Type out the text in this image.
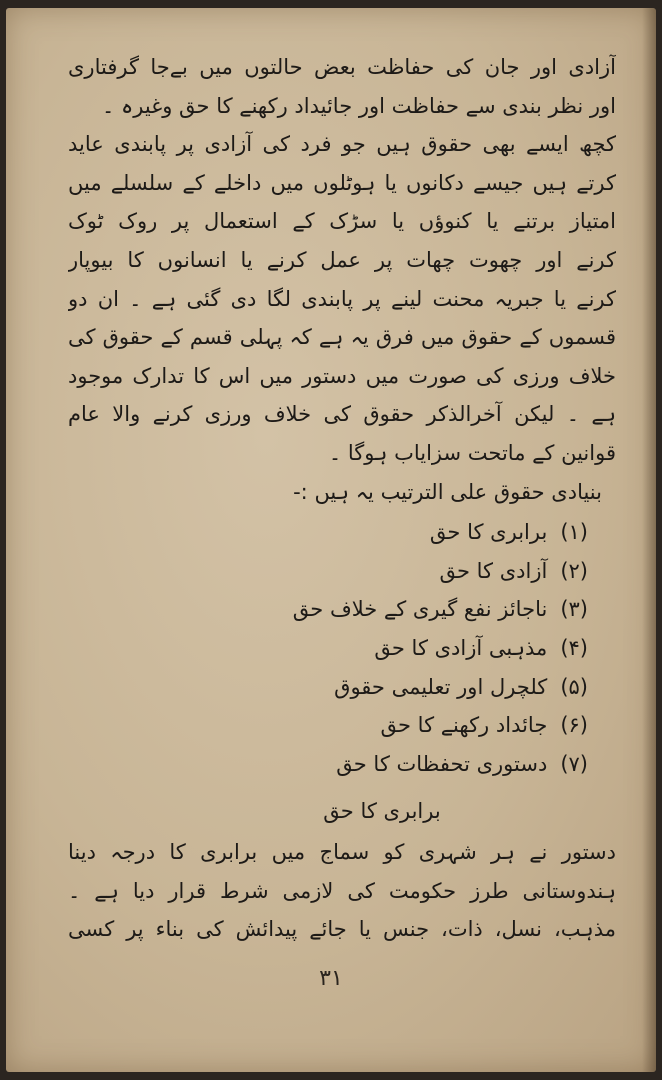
آزادی اور جان کی حفاظت بعض حالتوں میں بےجا گرفتاری
اور نظر بندی سے حفاظت اور جائیداد رکھنے کا حق وغیرہ ۔
کچھ ایسے بھی حقوق ہیں جو فرد کی آزادی پر پابندی عاید
کرتے ہیں جیسے دکانوں یا ہوٹلوں میں داخلے کے سلسلے میں
امتیاز برتنے یا کنوؤں یا سڑک کے استعمال پر روک ٹوک
کرنے اور چھوت چھات پر عمل کرنے یا انسانوں کا بیوپار
کرنے یا جبریہ محنت لینے پر پابندی لگا دی گئی ہے ۔ ان دو
قسموں کے حقوق میں فرق یہ ہے کہ پہلی قسم کے حقوق کی
خلاف ورزی کی صورت میں دستور میں اس کا تدارک موجود
ہے ۔ لیکن آخرالذکر حقوق کی خلاف ورزی کرنے والا عام
قوانین کے ماتحت سزایاب ہوگا ۔
بنیادی حقوق علی الترتیب یہ ہیں :-
(۱) برابری کا حق
(۲) آزادی کا حق
(۳) ناجائز نفع گیری کے خلاف حق
(۴) مذہبی آزادی کا حق
(۵) کلچرل اور تعلیمی حقوق
(۶) جائداد رکھنے کا حق
(۷) دستوری تحفظات کا حق
برابری کا حق
دستور نے ہر شہری کو سماج میں برابری کا درجہ دینا
ہندوستانی طرز حکومت کی لازمی شرط قرار دیا ہے ۔
مذہب، نسل، ذات، جنس یا جائے پیدائش کی بناء پر کسی
۳۱
